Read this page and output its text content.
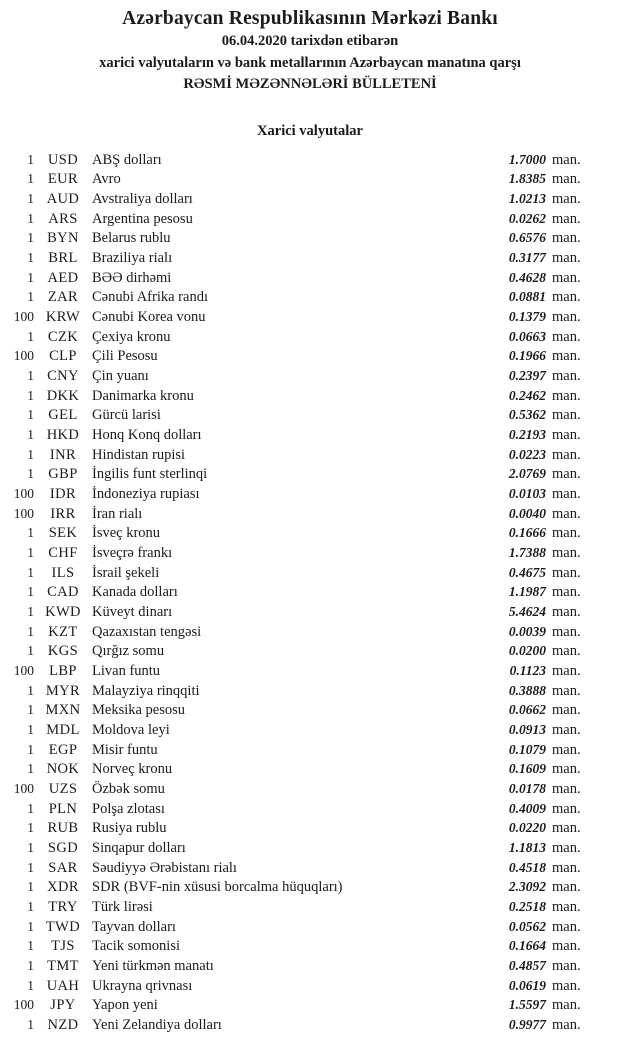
Azərbaycan Respublikasının Mərkəzi Bankı
06.04.2020 tarixdən etibarən
xarici valyutaların və bank metallarının Azərbaycan manatına qarşı
RƏSMİ MƏZƏNNƏLƏRİ BÜLLETENİ
Xarici valyutalar
1 USD ABŞ dolları	1.7000 man.
1 EUR Avro	1.8385 man.
1 AUD Avstraliya dolları	1.0213 man.
1 ARS Argentina pesosu	0.0262 man.
1 BYN Belarus rublu	0.6576 man.
1 BRL Braziliya rialı	0.3177 man.
1 AED BƏƏ dirhəmi	0.4628 man.
1 ZAR Cənubi Afrika randı	0.0881 man.
100 KRW Cənubi Korea vonu	0.1379 man.
1 CZK Çexiya kronu	0.0663 man.
100	CLP	Çili Pesosu	0.1966 man.
1 CNY Çin yuanı	0.2397 man.
1 DKK Danimarka kronu	0.2462 man.
1 GEL Gürcü larisi	0.5362 man.
1 HKD Honq Konq dolları	0.2193 man.
1	INR	Hindistan rupisi	0.0223 man.
1 GBP İngilis funt sterlinqi	2.0769 man.
100	IDR	İndoneziya rupiası	0.0103 man.
100	IRR	İran rialı	0.0040 man.
1	SEK	İsveç kronu	0.1666 man.
1 CHF İsveçrə frankı	1.7388 man.
1	ILS	İsrail şekeli	0.4675 man.
1 CAD Kanada dolları	1.1987 man.
1 KWD Küveyt dinarı	5.4624 man.
1 KZT Qazaxıstan tengəsi	0.0039 man.
1 KGS Qırğız somu	0.0200 man.
100	LBP	Livan funtu	0.1123 man.
1 MYR Malayziya rinqqiti	0.3888 man.
1 MXN Meksika pesosu	0.0662 man.
1 MDL Moldova leyi	0.0913 man.
1	EGP	Misir funtu	0.1079 man.
1 NOK Norveç kronu	0.1609 man.
100	UZS	Özbək somu	0.0178 man.
1	PLN	Polşa zlotası	0.4009 man.
1 RUB Rusiya rublu	0.0220 man.
1 SGD Sinqapur dolları	1.1813 man.
1 SAR Səudiyyə Ərəbistanı rialı	0.4518 man.
1 XDR SDR (BVF-nin xüsusi borcalma hüquqları)	2.3092 man.
1 TRY Türk lirəsi	0.2518 man.
1 TWD Tayvan dolları	0.0562 man.
1	TJS	Tacik somonisi	0.1664 man.
1 TMT Yeni türkmən manatı	0.4857 man.
1 UAH Ukrayna qrivnası	0.0619 man.
100	JPY	Yapon yeni	1.5597 man.
1 NZD Yeni Zelandiya dolları	0.9977 man.
